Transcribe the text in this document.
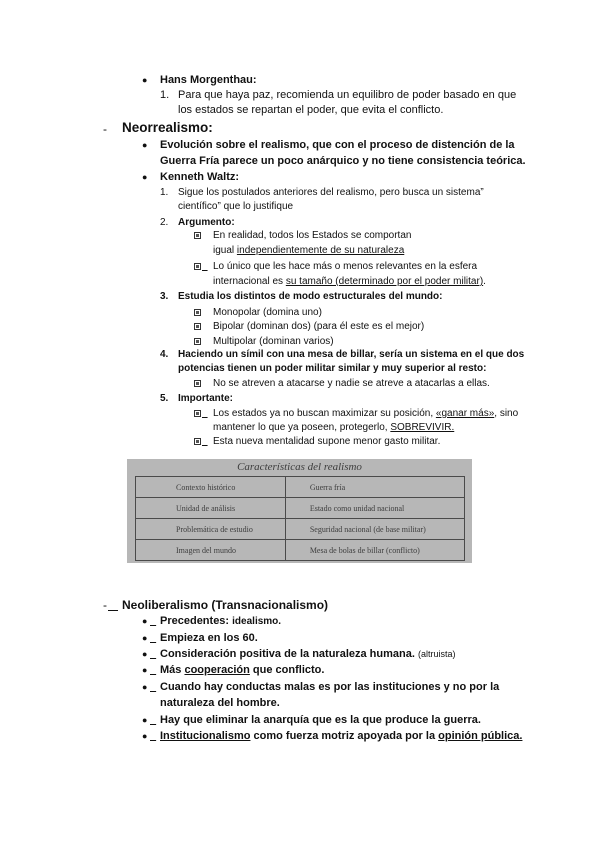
● Hans Morgenthau:
1. Para que haya paz, recomienda un equilibro de poder basado en que
los estados se repartan el poder, que evita el conflicto.
- Neorrealismo:
● Evolución sobre el realismo, que con el proceso de distención de la
Guerra Fría parece un poco anárquico y no tiene consistencia teórica.
● Kenneth Waltz:
1. Sigue los postulados anteriores del realismo, pero busca un sistema”
científico” que lo justifique
2. Argumento:
En realidad, todos los Estados se comportan
igual independientemente de su naturaleza

Lo único que les hace más o menos relevantes en la esfera
internacional es su tamaño (determinado por el poder militar).
3. Estudia los distintos de modo estructurales del mundo:
Monopolar (domina uno)
Bipolar (dominan dos) (para él este es el mejor)
Multipolar (dominan varios)
4. Haciendo un símil con una mesa de billar, sería un sistema en el que dos
potencias tienen un poder militar similar y muy superior al resto:
No se atreven a atacarse y nadie se atreve a atacarlas a ellas.
5. Importante:

Los estados ya no buscan maximizar su posición, «ganar más», sino
mantener lo que ya poseen, protegerlo, SOBREVIVIR.

Esta nueva mentalidad supone menor gasto militar.
Características del realismo
Contexto histórico	Guerra fría
Unidad de análisis	Estado como unidad nacional
Problemática de estudio	Seguridad nacional (de base militar)
Imagen del mundo	Mesa de bolas de billar (conflicto)
-
Neoliberalismo (Transnacionalismo)
●
Precedentes: idealismo.
●
Empieza en los 60.
●
Consideración positiva de la naturaleza humana. (altruista)
●
Más cooperación que conflicto.
●
Cuando hay conductas malas es por las instituciones y no por la
naturaleza del hombre.
●
Hay que eliminar la anarquía que es la que produce la guerra.
●
Institucionalismo como fuerza motriz apoyada por la opinión pública.
